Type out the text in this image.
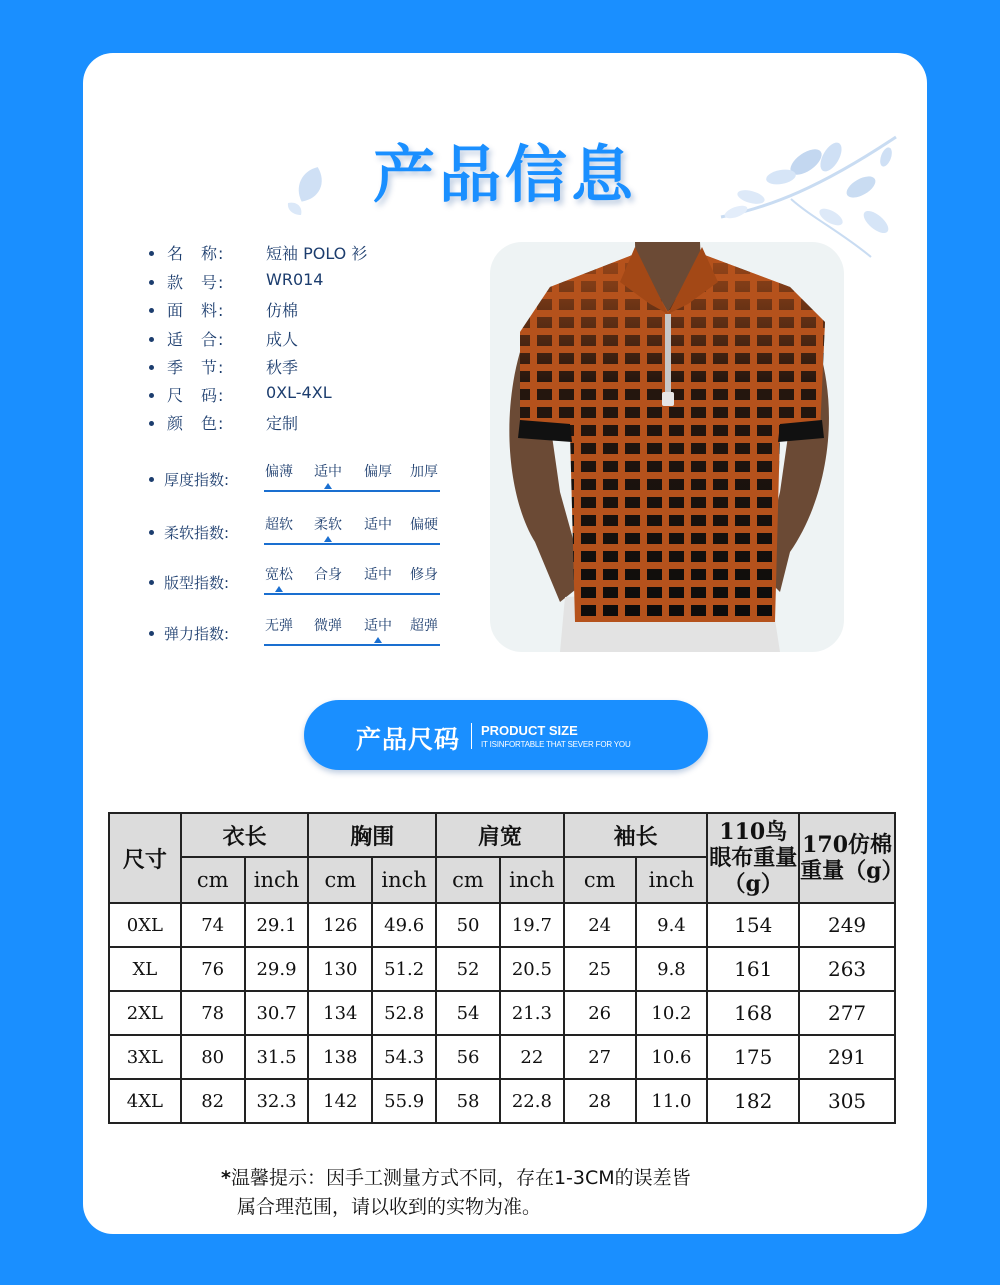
产品信息
名　称:	短袖 POLO 衫
款　号:	WR014
面　料:	仿棉
适　合:	成人
季　节:	秋季
尺　码:	0XL-4XL
颜　色:	定制
厚度指数:	偏薄	适中	偏厚	加厚
柔软指数:	超软	柔软	适中	偏硬
版型指数:	宽松	合身	适中	修身
弹力指数:	无弹	微弹	适中	超弹
产品尺码 PRODUCT SIZE
IT ISINFORTABLE THAT SEVER FOR YOU
尺寸	衣长		胸围		肩宽		袖长		110鸟眼布重量（g）	170仿棉重量（g）
	cm	inch	cm	inch	cm	inch	cm	inch		
0XL	74	29.1	126	49.6	50	19.7	24	9.4	154	249
XL	76	29.9	130	51.2	52	20.5	25	9.8	161	263
2XL	78	30.7	134	52.8	54	21.3	26	10.2	168	277
3XL	80	31.5	138	54.3	56	22	27	10.6	175	291
4XL	82	32.3	142	55.9	58	22.8	28	11.0	182	305
*温馨提示：因手工测量方式不同，存在1-3CM的误差皆
属合理范围，请以收到的实物为准。
